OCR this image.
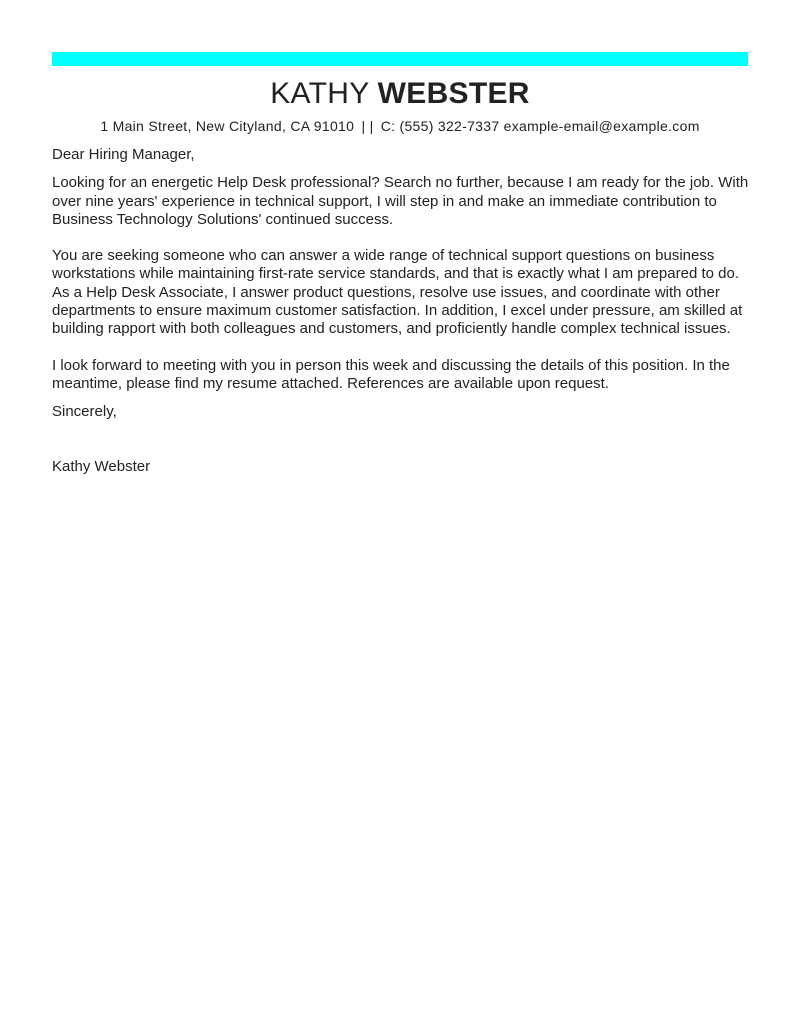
KATHY WEBSTER
1 Main Street, New Cityland, CA 91010 | | C: (555) 322-7337 example-email@example.com

Dear Hiring Manager,

Looking for an energetic Help Desk professional? Search no further, because I am ready for the job. With over nine years' experience in technical support, I will step in and make an immediate contribution to Business Technology Solutions' continued success.

You are seeking someone who can answer a wide range of technical support questions on business workstations while maintaining first-rate service standards, and that is exactly what I am prepared to do. As a Help Desk Associate, I answer product questions, resolve use issues, and coordinate with other departments to ensure maximum customer satisfaction. In addition, I excel under pressure, am skilled at building rapport with both colleagues and customers, and proficiently handle complex technical issues.

I look forward to meeting with you in person this week and discussing the details of this position. In the meantime, please find my resume attached. References are available upon request.

Sincerely,

Kathy Webster
